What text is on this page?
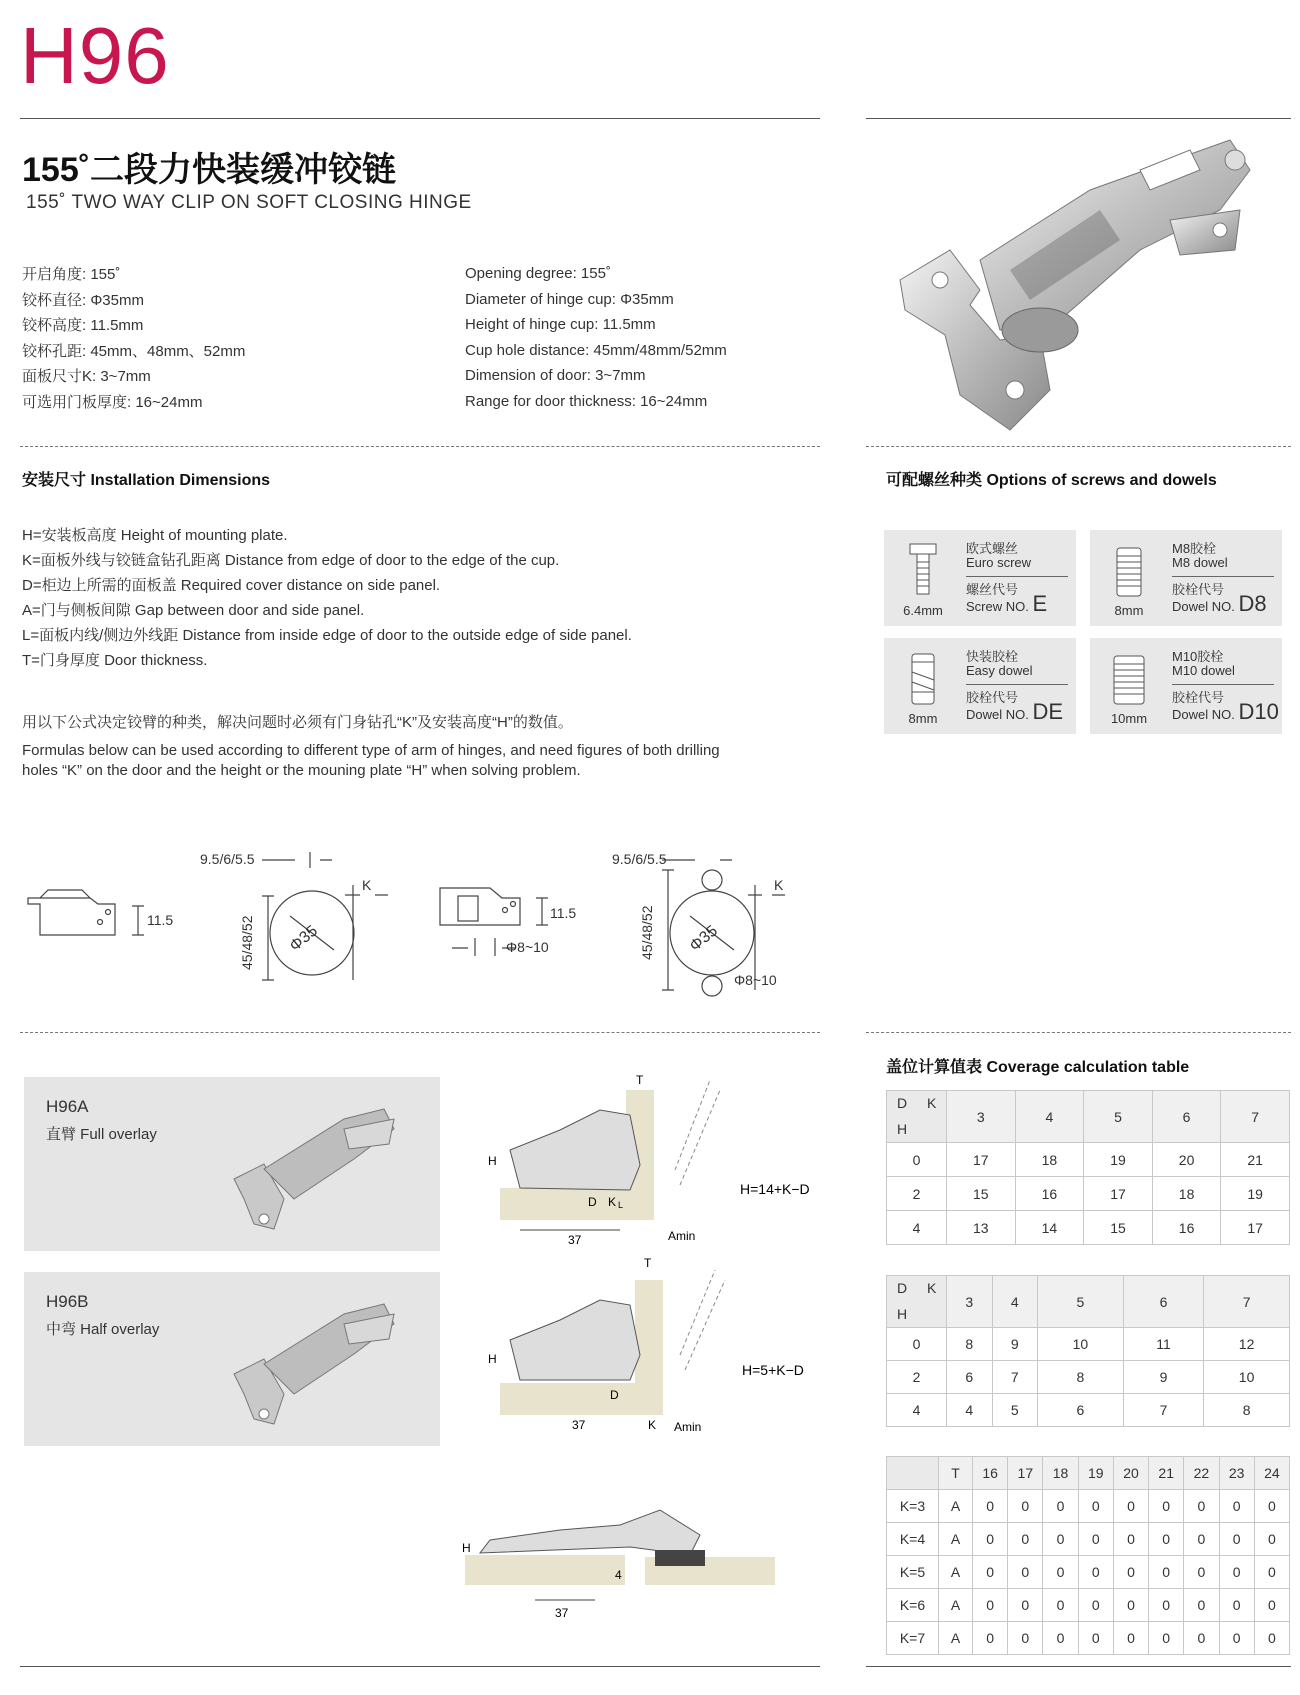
H96
155˚二段力快装缓冲铰链
155˚ TWO WAY CLIP ON SOFT CLOSING HINGE
开启角度: 155˚
铰杯直径: Φ35mm
铰杯高度: 11.5mm
铰杯孔距: 45mm、48mm、52mm
面板尺寸K: 3~7mm
可选用门板厚度: 16~24mm
Opening degree: 155˚
Diameter of hinge cup: Φ35mm
Height of hinge cup: 11.5mm
Cup hole distance: 45mm/48mm/52mm
Dimension of door: 3~7mm
Range for door thickness: 16~24mm
安装尺寸 Installation Dimensions
H=安装板高度 Height of mounting plate.
K=面板外线与铰链盒钻孔距离 Distance from edge of door to the edge of the cup.
D=柜边上所需的面板盖 Required cover distance on side panel.
A=门与侧板间隙 Gap between door and side panel.
L=面板内线/侧边外线距 Distance from inside edge of door to the outside edge of side panel.
T=门身厚度 Door thickness.
用以下公式决定铰臂的种类，解决问题时必须有门身钻孔“K”及安装高度“H”的数值。
Formulas below can be used according to different type of arm of hinges, and need figures of both drilling holes “K” on the door and the height or the mouning plate “H” when solving problem.
可配螺丝种类 Options of screws and dowels
6.4mm
欧式螺丝
Euro screw
螺丝代号
Screw NO. E	8mm
M8胶栓
M8 dowel
胶栓代号
Dowel NO. D8
8mm
快装胶栓
Easy dowel
胶栓代号
Dowel NO. DE	10mm
M10胶栓
M10 dowel
胶栓代号
Dowel NO. D10
11.5
9.5/6/5.5
45/48/52 Φ35
K
11.5
Φ8~10
9.5/6/5.5
45/48/52 Φ35
K
Φ8~10
H96A
直臂 Full overlay
H96B
中弯 Half overlay
T
H
D K L
37	Amin
H=14+K−D
T
H
D
37	K Amin
H=5+K−D
H
37
4
盖位计算值表 Coverage calculation table
D K
H	3	4	5	6	7
0	17	18	19	20	21
2	15	16	17	18	19
4	13	14	15	16	17
D K
H	3	4	5	6	7
0	8	9	10	11	12
2	6	7	8	9	10
4	4	5	6	7	8
	T	16	17	18	19	20	21	22	23	24
K=3	A	0	0	0	0	0	0	0	0	0
K=4	A	0	0	0	0	0	0	0	0	0
K=5	A	0	0	0	0	0	0	0	0	0
K=6	A	0	0	0	0	0	0	0	0	0
K=7	A	0	0	0	0	0	0	0	0	0
